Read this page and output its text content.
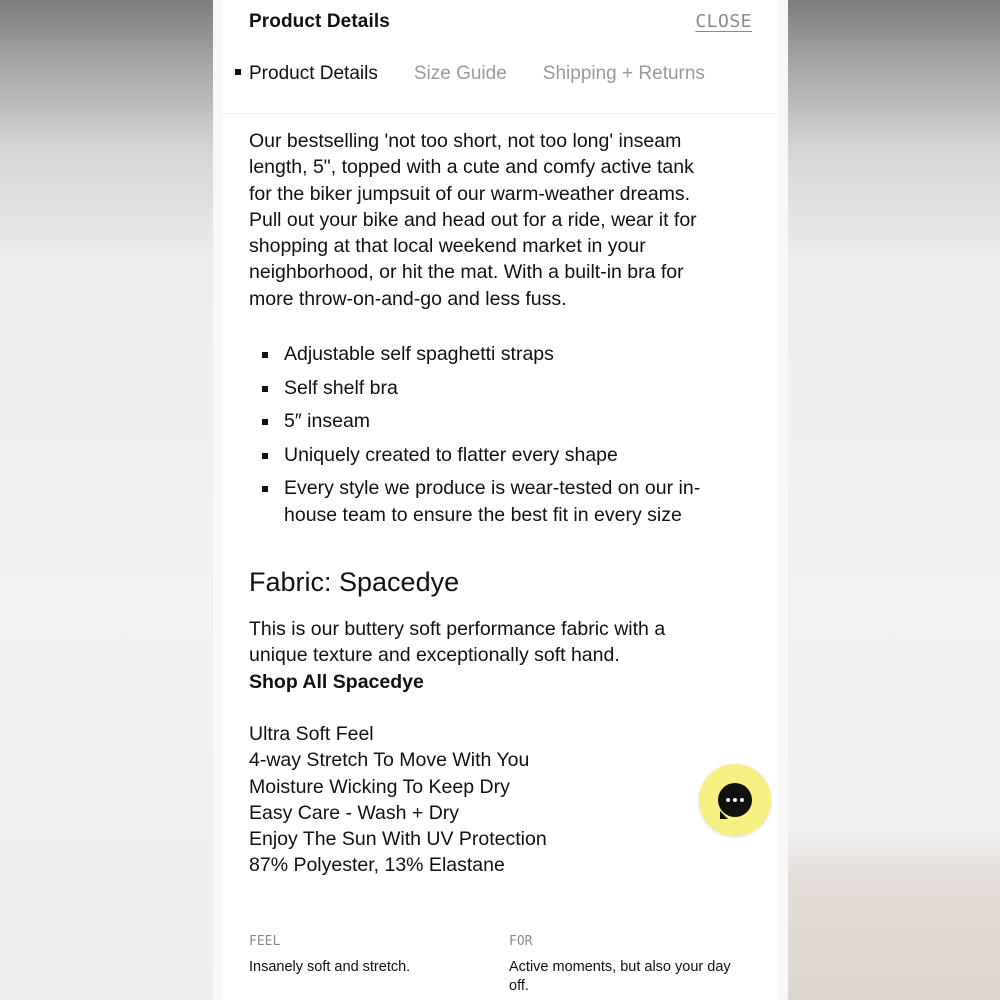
Product Details	CLOSE
Product Details Size Guide Shipping + Returns

Our bestselling 'not too short, not too long' inseam
length, 5", topped with a cute and comfy active tank
for the biker jumpsuit of our warm-weather dreams.
Pull out your bike and head out for a ride, wear it for
shopping at that local weekend market in your
neighborhood, or hit the mat. With a built-in bra for
more throw-on-and-go and less fuss.

Adjustable self spaghetti straps
Self shelf bra
5″ inseam
Uniquely created to flatter every shape
Every style we produce is wear-tested on our in-house team to ensure the best fit in every size
Fabric: Spacedye

This is our buttery soft performance fabric with a
unique texture and exceptionally soft hand.

Shop All Spacedye
Ultra Soft Feel
4-way Stretch To Move With You
Moisture Wicking To Keep Dry
Easy Care - Wash + Dry
Enjoy The Sun With UV Protection
87% Polyester, 13% Elastane
FEEL
Insanely soft and stretch.
FOR
Active moments, but also your day off.
